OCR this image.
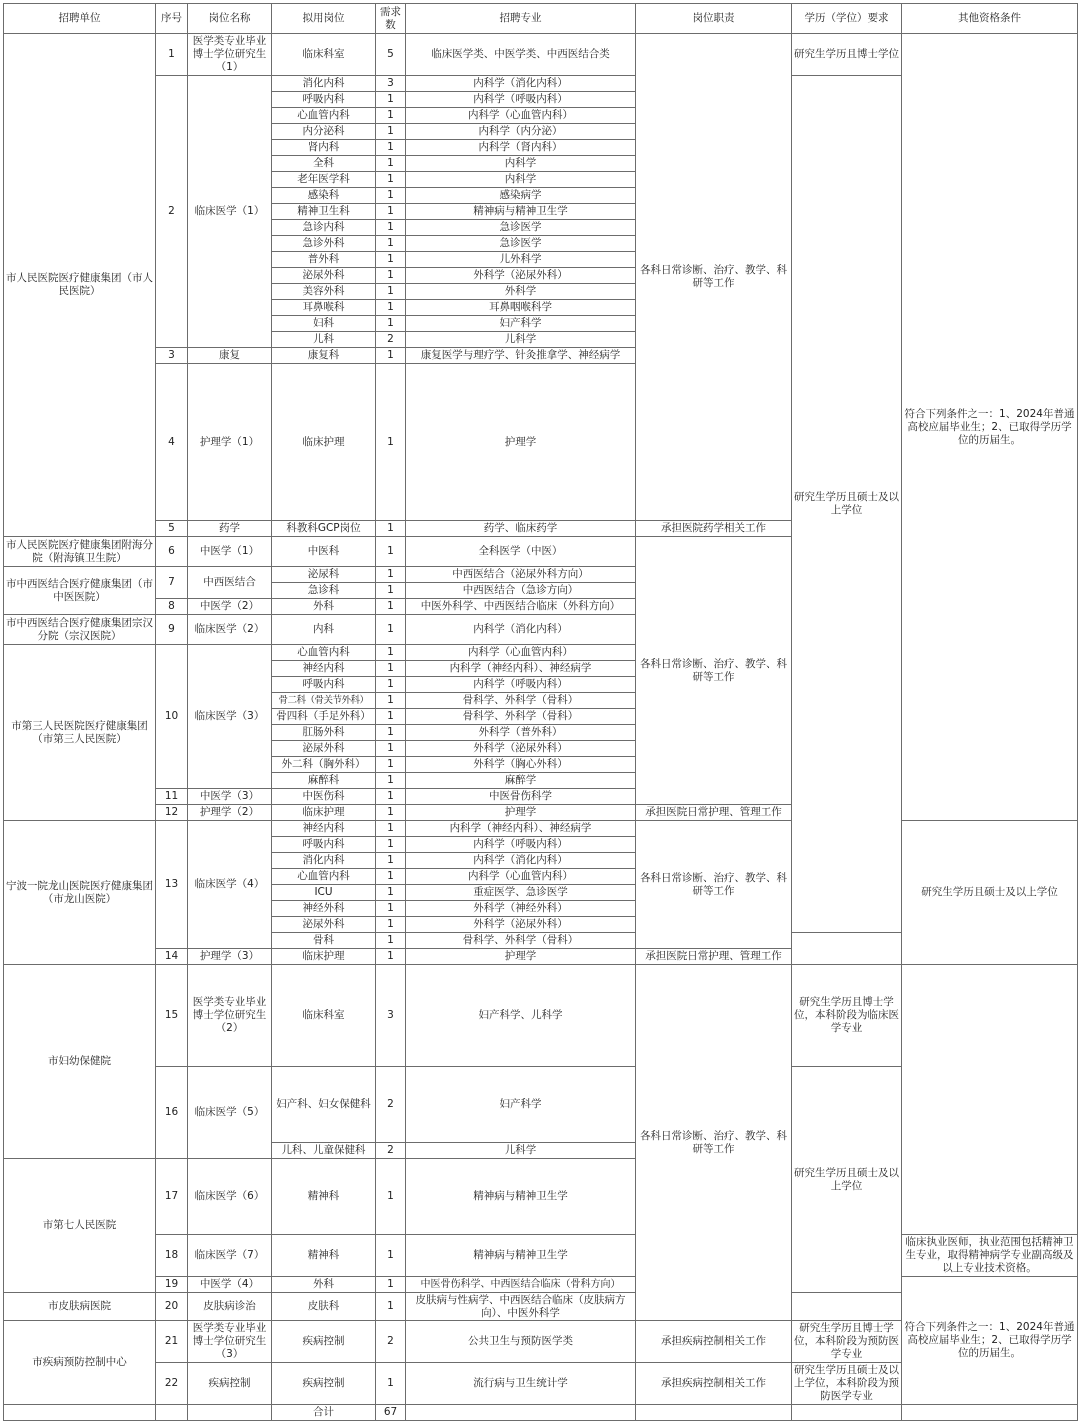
招聘单位	序号	岗位名称	拟用岗位	需求数	招聘专业	岗位职责	学历（学位）要求	其他资格条件	
市人民医院医疗健康集团（市人民医院）	1	医学类专业毕业博士学位研究生（1）	临床科室	5	临床医学类、中医学类、中西医结合类	各科日常诊断、治疗、教学、科研等工作	研究生学历且博士学位	符合下列条件之一：1、2024年普通高校应届毕业生；2、已取得学历学位的历届生。	
	2	临床医学（1）	消化内科	3	内科学（消化内科）		研究生学历且硕士及以上学位		
			呼吸内科	1	内科学（呼吸内科）				
			心血管内科	1	内科学（心血管内科）				
			内分泌科	1	内科学（内分泌）				
			肾内科	1	内科学（肾内科）				
			全科	1	内科学				
			老年医学科	1	内科学				
			感染科	1	感染病学				
			精神卫生科	1	精神病与精神卫生学				
			急诊内科	1	急诊医学				
			急诊外科	1	急诊医学				
			普外科	1	儿外科学				
			泌尿外科	1	外科学（泌尿外科）				
			美容外科	1	外科学				
			耳鼻喉科	1	耳鼻咽喉科学				
			妇科	1	妇产科学				
			儿科	2	儿科学				
	3	康复	康复科	1	康复医学与理疗学、针灸推拿学、神经病学				
	4	护理学（1）	临床护理	1	护理学	
	5	药学	科教科GCP岗位	1	药学、临床药学	承担医院药学相关工作			
市人民医院医疗健康集团附海分院（附海镇卫生院）	6	中医学（1）	中医科	1	全科医学（中医）	各科日常诊断、治疗、教学、科研等工作			
市中西医结合医疗健康集团（市中医医院）	7	中西医结合	泌尿科	1	中西医结合（泌尿外科方向）				
			急诊科	1	中西医结合（急诊方向）				
	8	中医学（2）	外科	1	中医外科学、中西医结合临床（外科方向）				
市中西医结合医疗健康集团宗汉分院（宗汉医院）	9	临床医学（2）	内科	1	内科学（消化内科）				
市第三人民医院医疗健康集团（市第三人民医院）	10	临床医学（3）	心血管内科	1	内科学（心血管内科）				
			神经内科	1	内科学（神经内科）、神经病学				
			呼吸内科	1	内科学（呼吸内科）				
			骨二科（骨关节外科）	1	骨科学、外科学（骨科）				
			骨四科（手足外科）	1	骨科学、外科学（骨科）				
			肛肠外科	1	外科学（普外科）				
			泌尿外科	1	外科学（泌尿外科）				
			外二科（胸外科）	1	外科学（胸心外科）				
			麻醉科	1	麻醉学				
	11	中医学（3）	中医伤科	1	中医骨伤科学				
	12	护理学（2）	临床护理	1	护理学	承担医院日常护理、管理工作			
宁波一院龙山医院医疗健康集团（市龙山医院）	13	临床医学（4）	神经内科	1	内科学（神经内科）、神经病学	各科日常诊断、治疗、教学、科研等工作		研究生学历且硕士及以上学位	
			呼吸内科	1	内科学（呼吸内科）				
			消化内科	1	内科学（消化内科）				
			心血管内科	1	内科学（心血管内科）				
			ICU	1	重症医学、急诊医学				
			神经外科	1	外科学（神经外科）				
			泌尿外科	1	外科学（泌尿外科）				
			骨科	1	骨科学、外科学（骨科）				
	14	护理学（3）	临床护理	1	护理学	承担医院日常护理、管理工作			
市妇幼保健院	15	医学类专业毕业博士学位研究生（2）	临床科室	3	妇产科学、儿科学	各科日常诊断、治疗、教学、科研等工作	研究生学历且博士学位，本科阶段为临床医学专业		
	16	临床医学（5）	妇产科、妇女保健科	2	妇产科学		研究生学历且硕士及以上学位		
			儿科、儿童保健科	2	儿科学				
市第七人民医院	17	临床医学（6）	精神科	1	精神病与精神卫生学				
	18	临床医学（7）	精神科	1	精神病与精神卫生学			临床执业医师，执业范围包括精神卫生专业，取得精神病学专业副高级及以上专业技术资格。	
	19	中医学（4）	外科	1	中医骨伤科学、中西医结合临床（骨科方向）			符合下列条件之一：1、2024年普通高校应届毕业生；2、已取得学历学位的历届生。	
市皮肤病医院	20	皮肤病诊治	皮肤科	1	皮肤病与性病学、中西医结合临床（皮肤病方向）、中医外科学				
市疾病预防控制中心	21	医学类专业毕业博士学位研究生（3）	疾病控制	2	公共卫生与预防医学类	承担疾病控制相关工作	研究生学历且博士学位，本科阶段为预防医学专业		
	22	疾病控制	疾病控制	1	流行病与卫生统计学	承担疾病控制相关工作	研究生学历且硕士及以上学位，本科阶段为预防医学专业		
			合计	67					
